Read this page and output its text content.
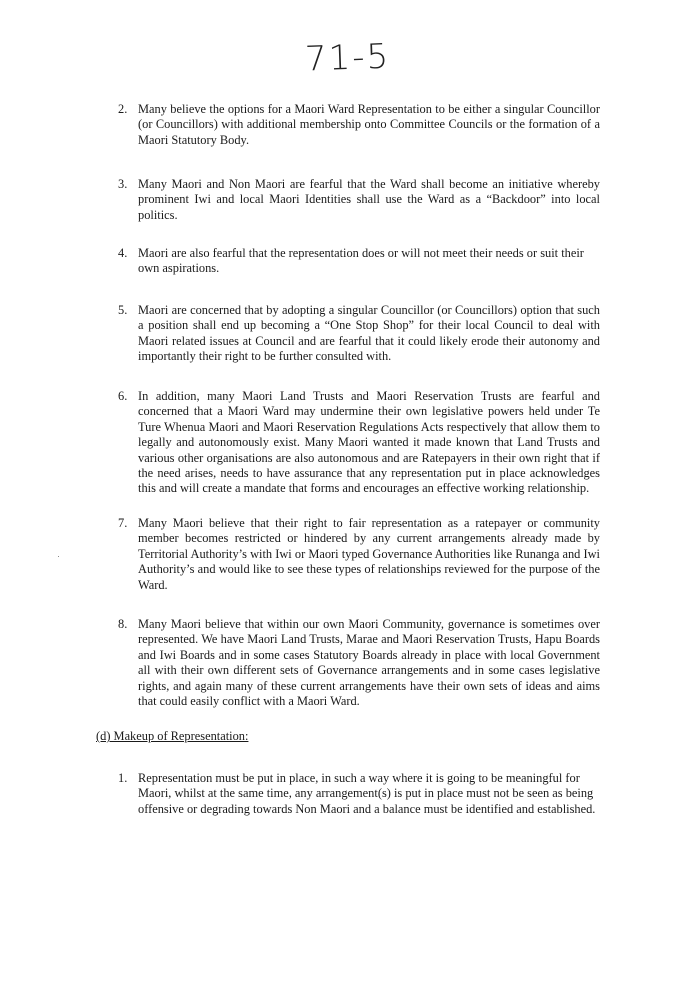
71-5
2. Many believe the options for a Maori Ward Representation to be either a singular Councillor (or Councillors) with additional membership onto Committee Councils or the formation of a Maori Statutory Body.
3. Many Maori and Non Maori are fearful that the Ward shall become an initiative whereby prominent Iwi and local Maori Identities shall use the Ward as a “Backdoor” into local politics.
4. Maori are also fearful that the representation does or will not meet their needs or suit their own aspirations.
5. Maori are concerned that by adopting a singular Councillor (or Councillors) option that such a position shall end up becoming a “One Stop Shop” for their local Council to deal with Maori related issues at Council and are fearful that it could likely erode their autonomy and importantly their right to be further consulted with.
6. In addition, many Maori Land Trusts and Maori Reservation Trusts are fearful and concerned that a Maori Ward may undermine their own legislative powers held under Te Ture Whenua Maori and Maori Reservation Regulations Acts respectively that allow them to legally and autonomously exist. Many Maori wanted it made known that Land Trusts and various other organisations are also autonomous and are Ratepayers in their own right that if the need arises, needs to have assurance that any representation put in place acknowledges this and will create a mandate that forms and encourages an effective working relationship.
7. Many Maori believe that their right to fair representation as a ratepayer or community member becomes restricted or hindered by any current arrangements already made by Territorial Authority’s with Iwi or Maori typed Governance Authorities like Runanga and Iwi Authority’s and would like to see these types of relationships reviewed for the purpose of the Ward.
8. Many Maori believe that within our own Maori Community, governance is sometimes over represented. We have Maori Land Trusts, Marae and Maori Reservation Trusts, Hapu Boards and Iwi Boards and in some cases Statutory Boards already in place with local Government all with their own different sets of Governance arrangements and in some cases legislative rights, and again many of these current arrangements have their own sets of ideas and aims that could easily conflict with a Maori Ward.
(d) Makeup of Representation:
1. Representation must be put in place, in such a way where it is going to be meaningful for Maori, whilst at the same time, any arrangement(s) is put in place must not be seen as being offensive or degrading towards Non Maori and a balance must be identified and established.
